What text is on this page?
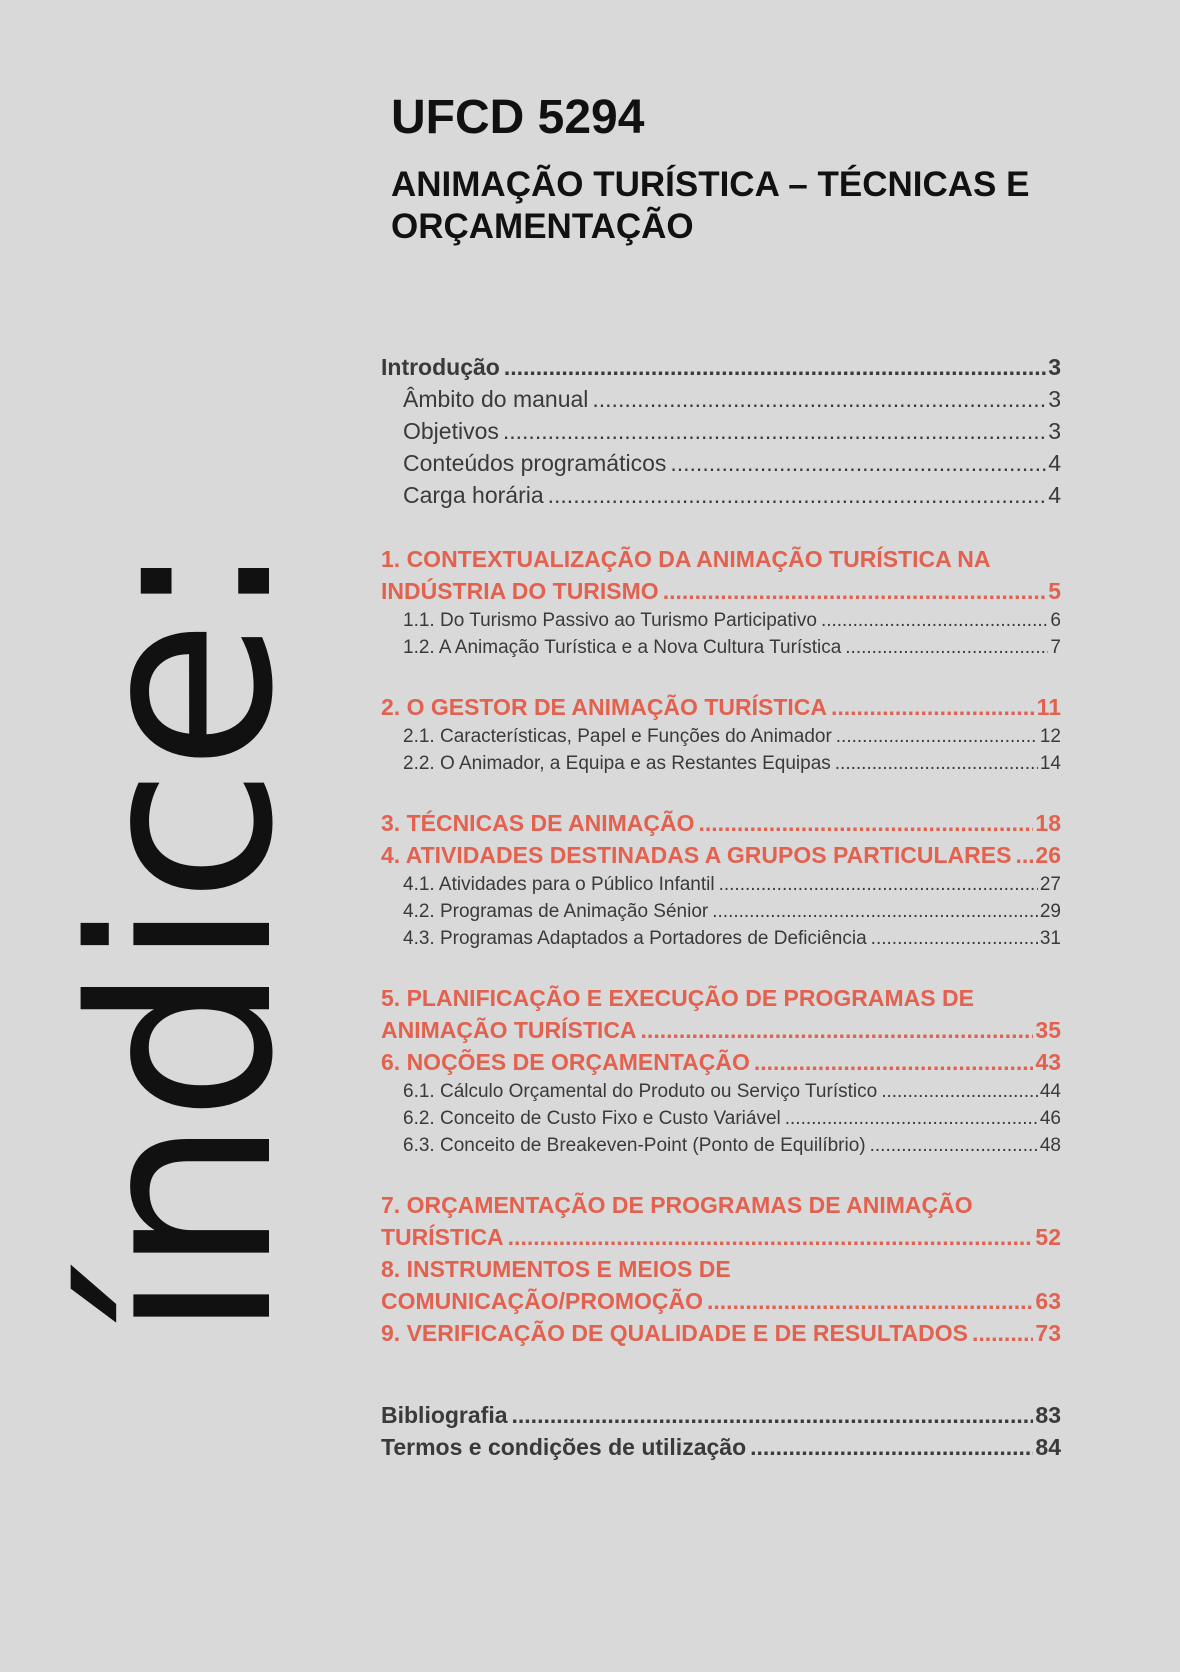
índice:
UFCD 5294
ANIMAÇÃO TURÍSTICA – TÉCNICAS E
ORÇAMENTAÇÃO
Introdução .....	3
Âmbito do manual .....	3
Objetivos .....	3
Conteúdos programáticos .....	4
Carga horária .....	4
1. CONTEXTUALIZAÇÃO DA ANIMAÇÃO TURÍSTICA NA
INDÚSTRIA DO TURISMO .....	5
1.1. Do Turismo Passivo ao Turismo Participativo .....	6
1.2. A Animação Turística e a Nova Cultura Turística .....	7
2. O GESTOR DE ANIMAÇÃO TURÍSTICA .....	11
2.1. Características, Papel e Funções do Animador .....	12
2.2. O Animador, a Equipa e as Restantes Equipas .....	14
3. TÉCNICAS DE ANIMAÇÃO .....	18
4. ATIVIDADES DESTINADAS A GRUPOS PARTICULARES ..... 26
4.1. Atividades para o Público Infantil .....	27
4.2. Programas de Animação Sénior .....	29
4.3. Programas Adaptados a Portadores de Deficiência .....	31
5. PLANIFICAÇÃO E EXECUÇÃO DE PROGRAMAS DE
ANIMAÇÃO TURÍSTICA .....	35
6. NOÇÕES DE ORÇAMENTAÇÃO .....	43
6.1. Cálculo Orçamental do Produto ou Serviço Turístico .....	44
6.2. Conceito de Custo Fixo e Custo Variável .....	46
6.3. Conceito de Breakeven-Point (Ponto de Equilíbrio) .....	48
7. ORÇAMENTAÇÃO DE PROGRAMAS DE ANIMAÇÃO
TURÍSTICA .....	52
8. INSTRUMENTOS E MEIOS DE
COMUNICAÇÃO/PROMOÇÃO .....	63
9. VERIFICAÇÃO DE QUALIDADE E DE RESULTADOS .....	73
Bibliografia .....	83
Termos e condições de utilização .....	84
